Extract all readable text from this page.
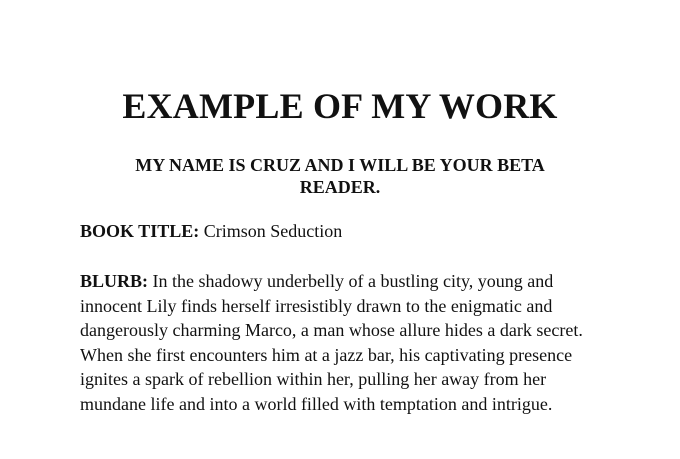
EXAMPLE OF MY WORK
MY NAME IS CRUZ AND I WILL BE YOUR BETA READER.

BOOK TITLE: Crimson Seduction

BLURB: In the shadowy underbelly of a bustling city, young and innocent Lily finds herself irresistibly drawn to the enigmatic and dangerously charming Marco, a man whose allure hides a dark secret. When she first encounters him at a jazz bar, his captivating presence ignites a spark of rebellion within her, pulling her away from her mundane life and into a world filled with temptation and intrigue.
